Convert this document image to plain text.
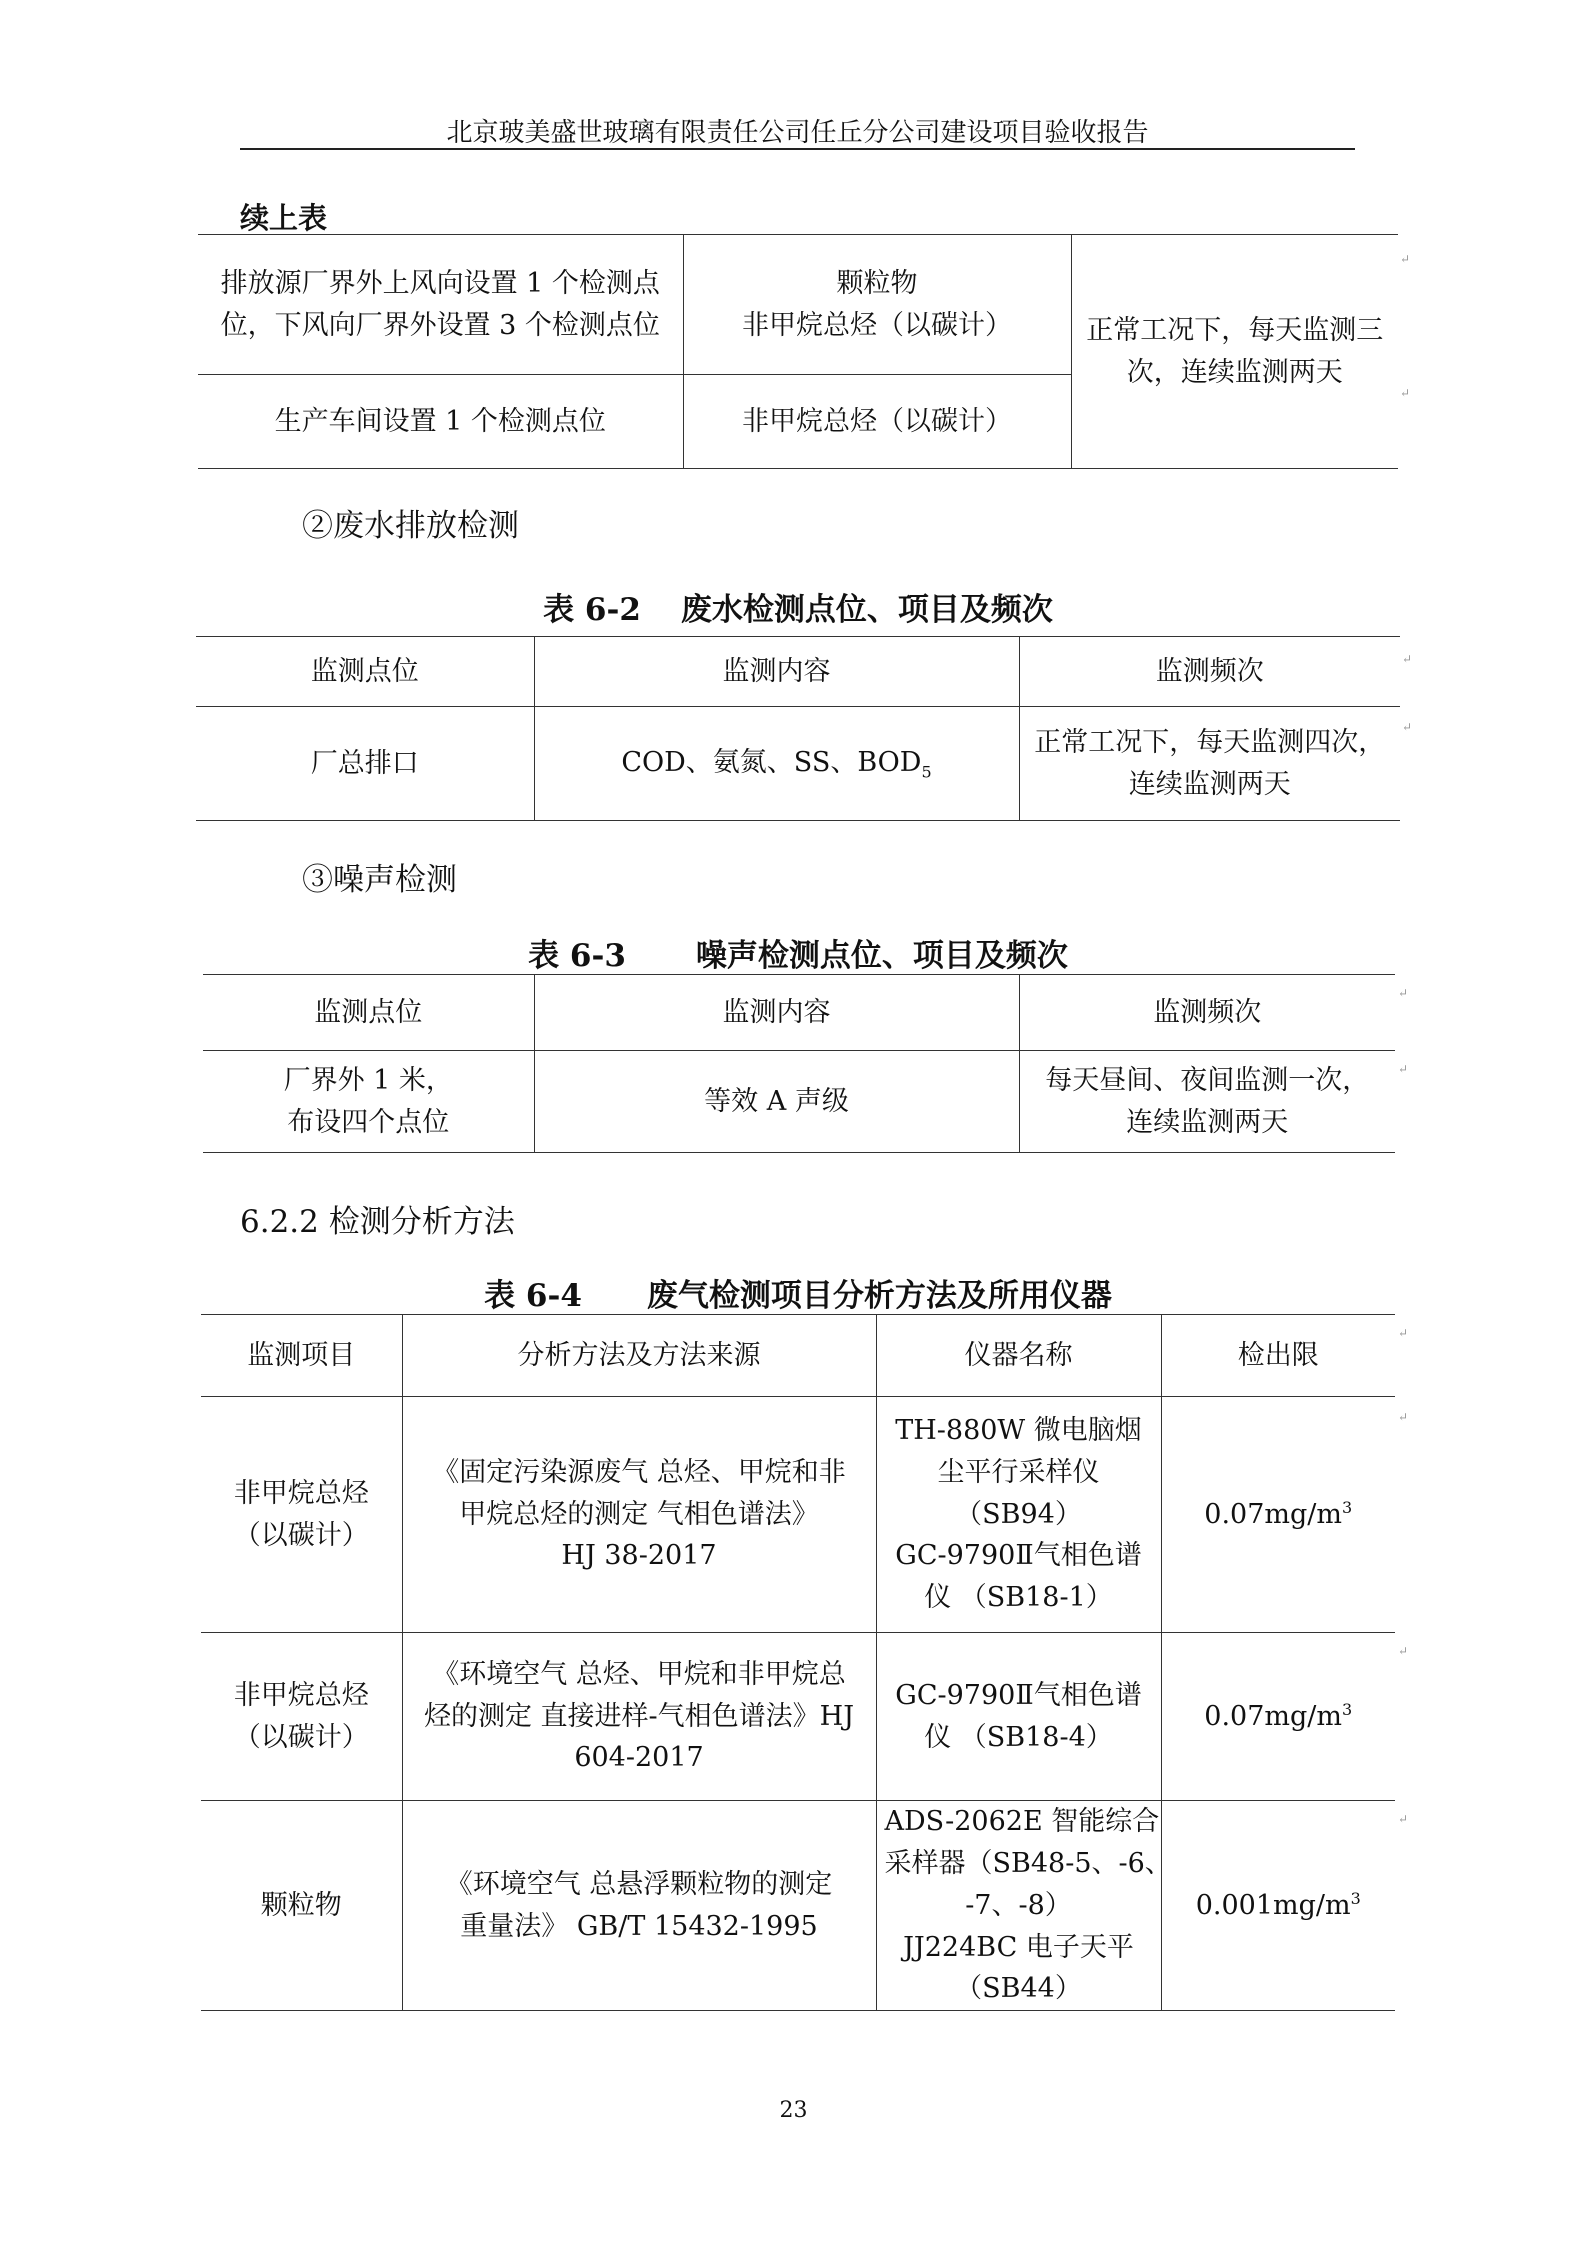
北京玻美盛世玻璃有限责任公司任丘分公司建设项目验收报告
续上表
排放源厂界外上风向设置 1 个检测点
位，下风向厂界外设置 3 个检测点位	颗粒物
非甲烷总烃（以碳计）	正常工况下，每天监测三
次，连续监测两天

生产车间设置 1 个检测点位	非甲烷总烃（以碳计）	
②废水排放检测
表 6-2 废水检测点位、项目及频次
监测点位	监测内容	监测频次
厂总排口	COD、氨氮、SS、$BOD_5$	正常工况下，每天监测四次，
连续监测两天
③噪声检测
表 6-3 噪声检测点位、项目及频次
监测点位	监测内容	监测频次

厂界外 1 米，
布设四个点位	等效 A 声级	每天昼间、夜间监测一次，
连续监测两天
6.2.2 检测分析方法
表 6-4 废气检测项目分析方法及所用仪器
监测项目	分析方法及方法来源	仪器名称	检出限

非甲烷总烃
（以碳计）	《固定污染源废气 总烃、甲烷和非
甲烷总烃的测定 气相色谱法》
HJ 38-2017	TH-880W 微电脑烟
尘平行采样仪
（SB94）
GC-9790Ⅱ气相色谱
仪 （SB18-1）	$0.07mg/m^3$

非甲烷总烃
（以碳计）	《环境空气 总烃、甲烷和非甲烷总
烃的测定 直接进样-气相色谱法》HJ
604-2017	GC-9790Ⅱ气相色谱
仪 （SB18-4）	$0.07mg/m^3$
颗粒物	《环境空气 总悬浮颗粒物的测定
重量法》 GB/T 15432-1995	ADS-2062E 智能综合
采样器（SB48-5、-6、
-7、-8）
JJ224BC 电子天平
（SB44）	$0.001mg/m^3$
↵
↵
↵
↵
↵
↵
↵
↵
↵
↵
23
